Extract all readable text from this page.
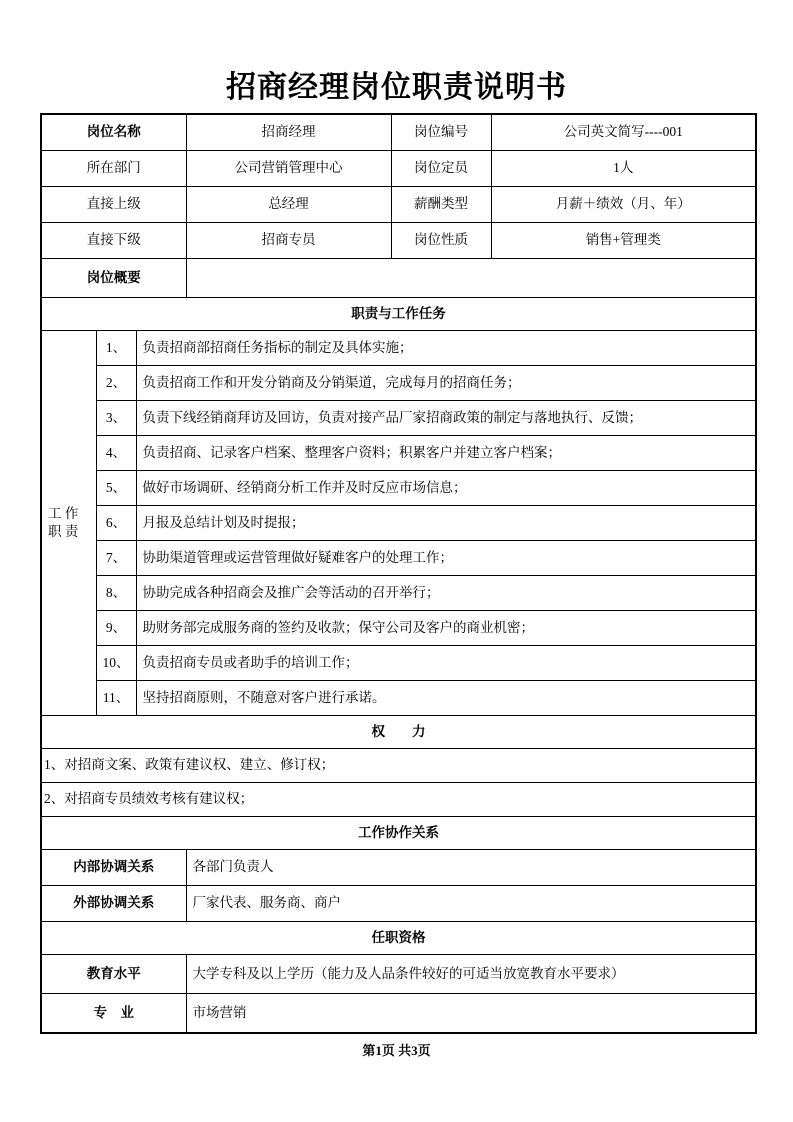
招商经理岗位职责说明书
岗位名称			招商经理	岗位编号	公司英文简写----001
所在部门			公司营销管理中心	岗位定员	1人
直接上级			总经理	薪酬类型	月薪＋绩效（月、年）
直接下级			招商专员	岗位性质	销售+管理类
岗位概要					
职责与工作任务					
工 作 职 责	1、	负责招商部招商任务指标的制定及具体实施；			
	2、	负责招商工作和开发分销商及分销渠道，完成每月的招商任务；			
	3、	负责下线经销商拜访及回访，负责对接产品厂家招商政策的制定与落地执行、反馈；			
	4、	负责招商、记录客户档案、整理客户资料；积累客户并建立客户档案；			
	5、	做好市场调研、经销商分析工作并及时反应市场信息；			
	6、	月报及总结计划及时提报；			
	7、	协助渠道管理或运营管理做好疑难客户的处理工作；			
	8、	协助完成各种招商会及推广会等活动的召开举行；			
	9、	助财务部完成服务商的签约及收款；保守公司及客户的商业机密；			
	10、	负责招商专员或者助手的培训工作；			
	11、	坚持招商原则，不随意对客户进行承诺。			
权　　力					

1、对招商文案、政策有建议权、建立、修订权；					

2、对招商专员绩效考核有建议权；					

工作协作关系					
内部协调关系			各部门负责人		
外部协调关系			厂家代表、服务商、商户		
任职资格					
教育水平			大学专科及以上学历（能力及人品条件较好的可适当放宽教育水平要求）		
专　业			市场营销		
第1页 共3页
